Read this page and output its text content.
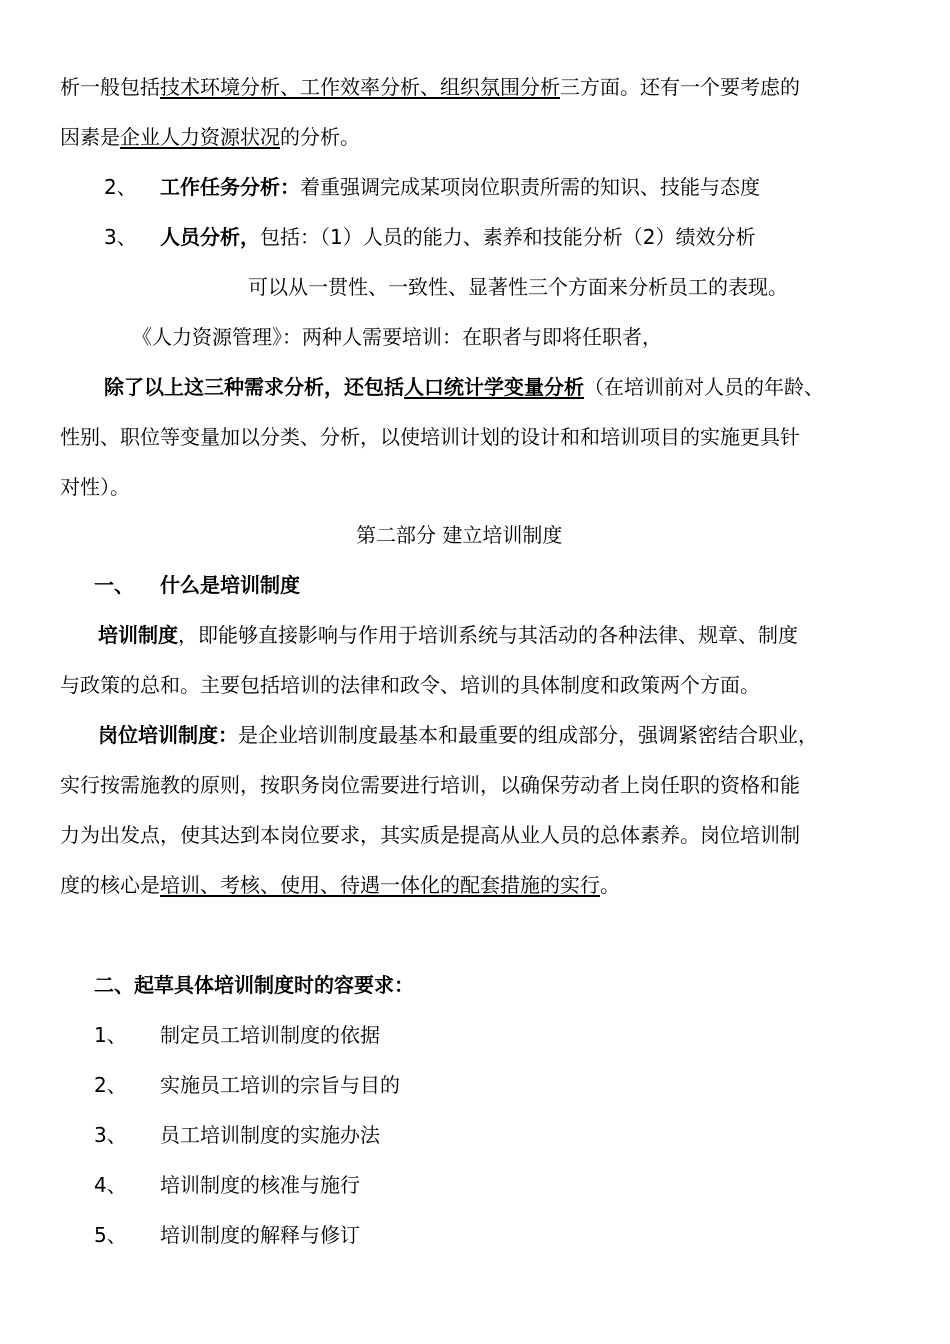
析一般包括技术环境分析、工作效率分析、组织氛围分析三方面。还有一个要考虑的
因素是企业人力资源状况的分析。
2、 工作任务分析：着重强调完成某项岗位职责所需的知识、技能与态度
3、 人员分析，包括：（1）人员的能力、素养和技能分析（2）绩效分析
可以从一贯性、一致性、显著性三个方面来分析员工的表现。
《人力资源管理》：两种人需要培训：在职者与即将任职者，
除了以上这三种需求分析，还包括人口统计学变量分析（在培训前对人员的年龄、
性别、职位等变量加以分类、分析，以使培训计划的设计和和培训项目的实施更具针
对性）。
第二部分 建立培训制度
一、 什么是培训制度
培训制度，即能够直接影响与作用于培训系统与其活动的各种法律、规章、制度
与政策的总和。主要包括培训的法律和政令、培训的具体制度和政策两个方面。
岗位培训制度：是企业培训制度最基本和最重要的组成部分，强调紧密结合职业，
实行按需施教的原则，按职务岗位需要进行培训，以确保劳动者上岗任职的资格和能
力为出发点，使其达到本岗位要求，其实质是提高从业人员的总体素养。岗位培训制
度的核心是培训、考核、使用、待遇一体化的配套措施的实行。
二、起草具体培训制度时的容要求：
1、 制定员工培训制度的依据
2、 实施员工培训的宗旨与目的
3、 员工培训制度的实施办法
4、 培训制度的核准与施行
5、 培训制度的解释与修订
